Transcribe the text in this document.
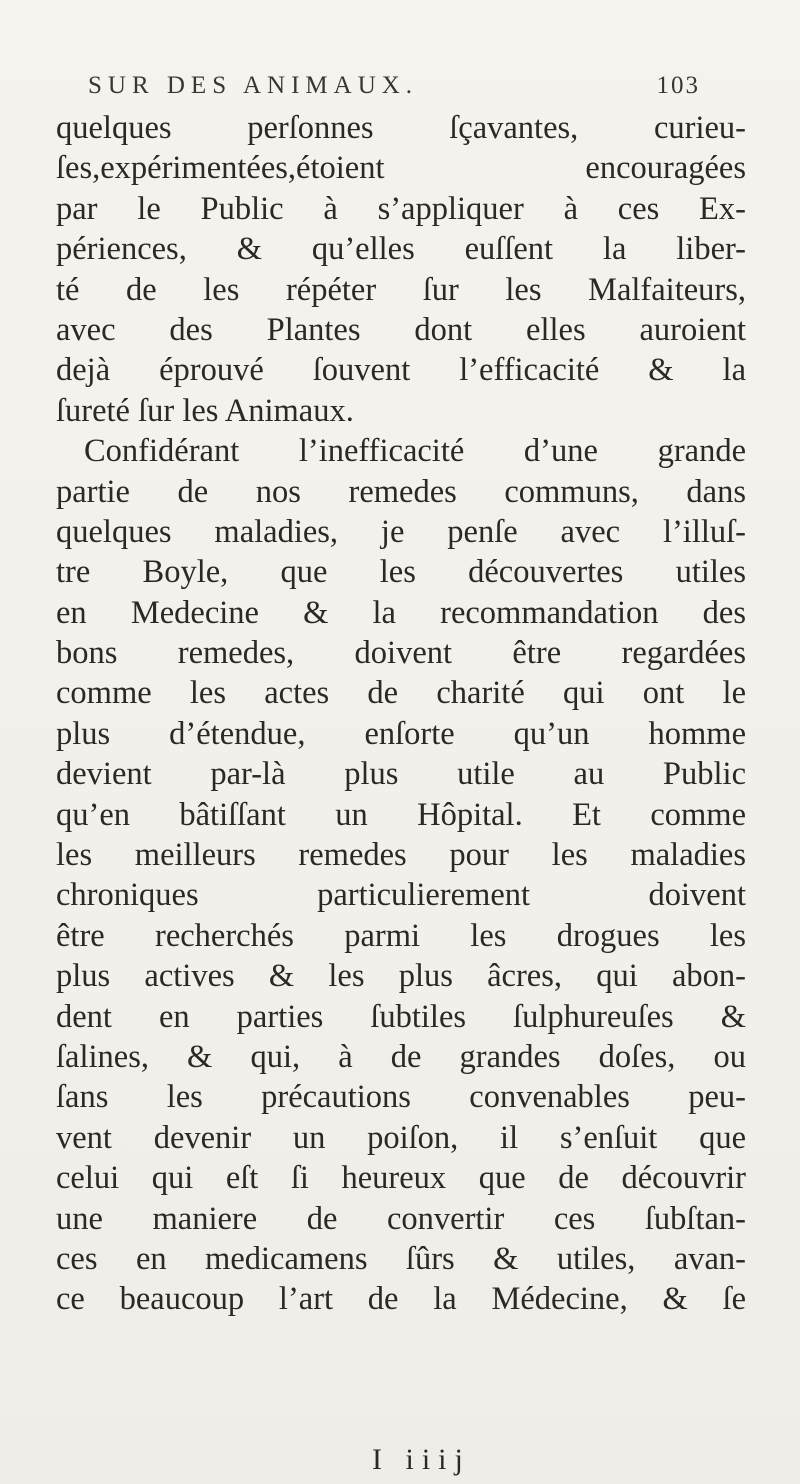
SUR DES ANIMAUX.	103
quelques perſonnes ſçavantes, curieu-
ſes,expérimentées,étoient encouragées
par le Public à s’appliquer à ces Ex-
périences, & qu’elles euſſent la liber-
té de les répéter ſur les Malfaiteurs,
avec des Plantes dont elles auroient
dejà éprouvé ſouvent l’efficacité & la
ſureté ſur les Animaux.
Confidérant l’inefficacité d’une grande
partie de nos remedes communs, dans
quelques maladies, je penſe avec l’illuſ-
tre Boyle, que les découvertes utiles
en Medecine & la recommandation des
bons remedes, doivent être regardées
comme les actes de charité qui ont le
plus d’étendue, enſorte qu’un homme
devient par-là plus utile au Public
qu’en bâtiſſant un Hôpital. Et comme
les meilleurs remedes pour les maladies
chroniques particulierement doivent
être recherchés parmi les drogues les
plus actives & les plus âcres, qui abon-
dent en parties ſubtiles ſulphureuſes &
ſalines, & qui, à de grandes doſes, ou
ſans les précautions convenables peu-
vent devenir un poiſon, il s’enſuit que
celui qui eſt ſi heureux que de découvrir
une maniere de convertir ces ſubſtan-
ces en medicamens ſûrs & utiles, avan-
ce beaucoup l’art de la Médecine, & ſe
I iiij
